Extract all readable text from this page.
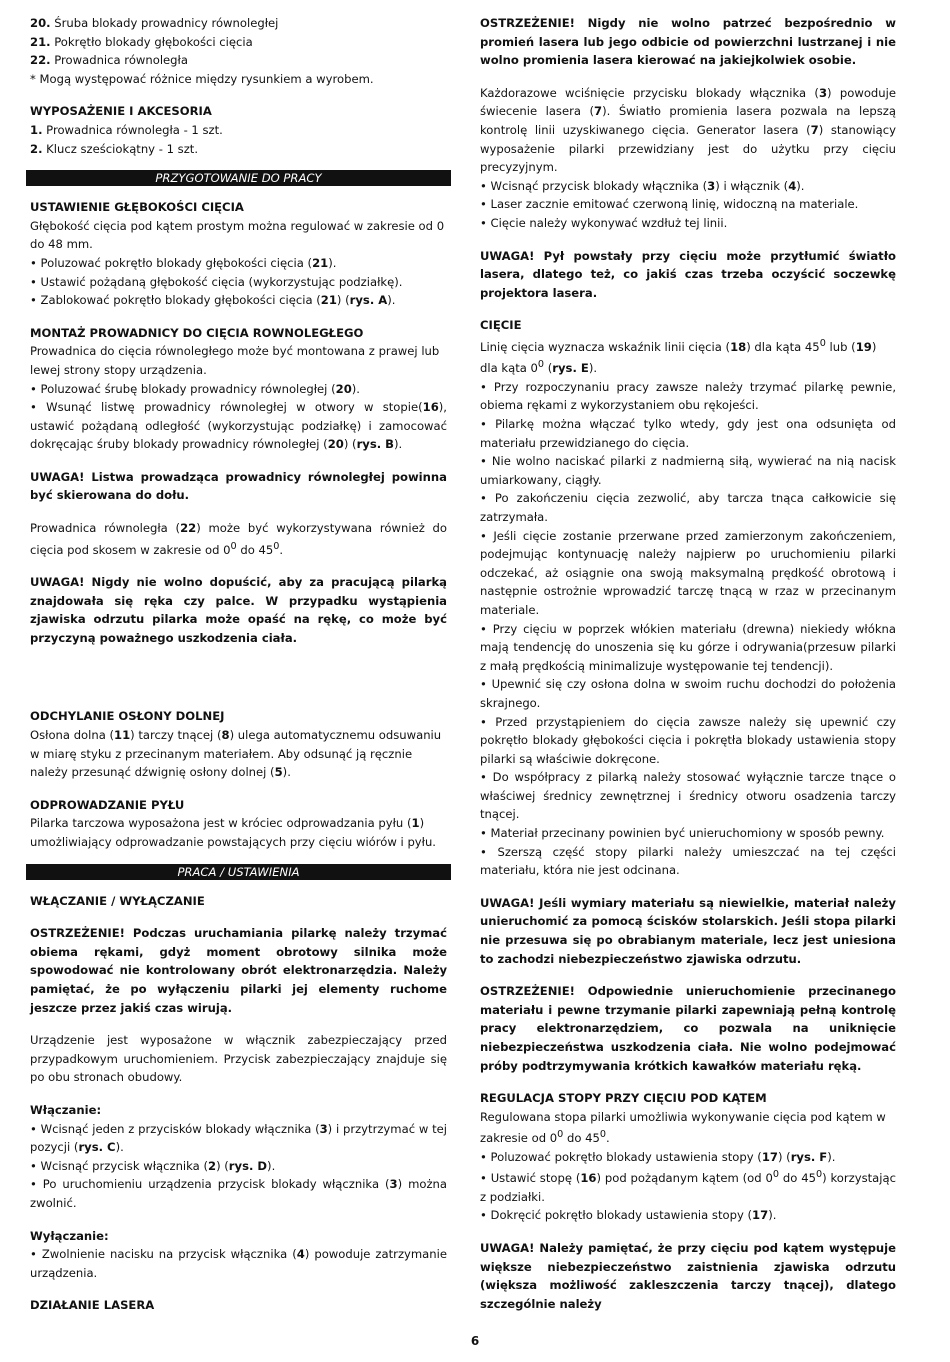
20. Śruba blokady prowadnicy równoległej

21. Pokrętło blokady głębokości cięcia

22. Prowadnica równoległa

* Mogą występować różnice między rysunkiem a wyrobem.

WYPOSAŻENIE I AKCESORIA

1. Prowadnica równoległa - 1 szt.

2. Klucz sześciokątny - 1 szt.

PRZYGOTOWANIE DO PRACY

USTAWIENIE GŁĘBOKOŚCI CIĘCIA

Głębokość cięcia pod kątem prostym można regulować w zakresie od 0 do 48 mm.

• Poluzować pokrętło blokady głębokości cięcia (21).

• Ustawić pożądaną głębokość cięcia (wykorzystując podziałkę).

• Zablokować pokrętło blokady głębokości cięcia (21) (rys. A).

MONTAŻ PROWADNICY DO CIĘCIA ROWNOLEGŁEGO

Prowadnica do cięcia równoległego może być montowana z prawej lub lewej strony stopy urządzenia.

• Poluzować śrubę blokady prowadnicy równoległej (20).

• Wsunąć listwę prowadnicy równoległej w otwory w stopie(16), ustawić pożądaną odległość (wykorzystując podziałkę) i zamocować dokręcając śruby blokady prowadnicy równoległej (20) (rys. B).

UWAGA! Listwa prowadząca prowadnicy równoległej powinna być skierowana do dołu.

Prowadnica równoległa (22) może być wykorzystywana również do cięcia pod skosem w zakresie od $0^0$ do $45^0$.

UWAGA! Nigdy nie wolno dopuścić, aby za pracującą pilarką znajdowała się ręka czy palce. W przypadku wystąpienia zjawiska odrzutu pilarka może opaść na rękę, co może być przyczyną poważnego uszkodzenia ciała.

ODCHYLANIE OSŁONY DOLNEJ

Osłona dolna (11) tarczy tnącej (8) ulega automatycznemu odsuwaniu w miarę styku z przecinanym materiałem. Aby odsunąć ją ręcznie należy przesunąć dźwignię osłony dolnej (5).

ODPROWADZANIE PYŁU

Pilarka tarczowa wyposażona jest w króciec odprowadzania pyłu (1) umożliwiający odprowadzanie powstających przy cięciu wiórów i pyłu.

PRACA / USTAWIENIA

WŁĄCZANIE / WYŁĄCZANIE

OSTRZEŻENIE! Podczas uruchamiania pilarkę należy trzymać obiema rękami, gdyż moment obrotowy silnika może spowodować nie kontrolowany obrót elektronarzędzia. Należy pamiętać, że po wyłączeniu pilarki jej elementy ruchome jeszcze przez jakiś czas wirują.

Urządzenie jest wyposażone w włącznik zabezpieczający przed przypadkowym uruchomieniem. Przycisk zabezpieczający znajduje się po obu stronach obudowy.

Włączanie:

• Wcisnąć jeden z przycisków blokady włącznika (3) i przytrzymać w tej pozycji (rys. C).

• Wcisnąć przycisk włącznika (2) (rys. D).

• Po uruchomieniu urządzenia przycisk blokady włącznika (3) można zwolnić.

Wyłączanie:

• Zwolnienie nacisku na przycisk włącznika (4) powoduje zatrzymanie urządzenia.

DZIAŁANIE LASERA

OSTRZEŻENIE! Nigdy nie wolno patrzeć bezpośrednio w promień lasera lub jego odbicie od powierzchni lustrzanej i nie wolno promienia lasera kierować na jakiejkolwiek osobie.

Każdorazowe wciśnięcie przycisku blokady włącznika (3) powoduje świecenie lasera (7). Światło promienia lasera pozwala na lepszą kontrolę linii uzyskiwanego cięcia. Generator lasera (7) stanowiący wyposażenie pilarki przewidziany jest do użytku przy cięciu precyzyjnym.

• Wcisnąć przycisk blokady włącznika (3) i włącznik (4).

• Laser zacznie emitować czerwoną linię, widoczną na materiale.

• Cięcie należy wykonywać wzdłuż tej linii.

UWAGA! Pył powstały przy cięciu może przytłumić światło lasera, dlatego też, co jakiś czas trzeba oczyścić soczewkę projektora lasera.

CIĘCIE

Linię cięcia wyznacza wskaźnik linii cięcia (18) dla kąta $45^0$ lub (19) dla kąta $0^0$ (rys. E).

• Przy rozpoczynaniu pracy zawsze należy trzymać pilarkę pewnie, obiema rękami z wykorzystaniem obu rękojeści.

• Pilarkę można włączać tylko wtedy, gdy jest ona odsunięta od materiału przewidzianego do cięcia.

• Nie wolno naciskać pilarki z nadmierną siłą, wywierać na nią nacisk umiarkowany, ciągły.

• Po zakończeniu cięcia zezwolić, aby tarcza tnąca całkowicie się zatrzymała.

• Jeśli cięcie zostanie przerwane przed zamierzonym zakończeniem, podejmując kontynuację należy najpierw po uruchomieniu pilarki odczekać, aż osiągnie ona swoją maksymalną prędkość obrotową i następnie ostrożnie wprowadzić tarczę tnącą w rzaz w przecinanym materiale.

• Przy cięciu w poprzek włókien materiału (drewna) niekiedy włókna mają tendencję do unoszenia się ku górze i odrywania(przesuw pilarki z małą prędkością minimalizuje występowanie tej tendencji).

• Upewnić się czy osłona dolna w swoim ruchu dochodzi do położenia skrajnego.

• Przed przystąpieniem do cięcia zawsze należy się upewnić czy pokrętło blokady głębokości cięcia i pokrętła blokady ustawienia stopy pilarki są właściwie dokręcone.

• Do współpracy z pilarką należy stosować wyłącznie tarcze tnące o właściwej średnicy zewnętrznej i średnicy otworu osadzenia tarczy tnącej.

• Materiał przecinany powinien być unieruchomiony w sposób pewny.

• Szerszą część stopy pilarki należy umieszczać na tej części materiału, która nie jest odcinana.

UWAGA! Jeśli wymiary materiału są niewielkie, materiał należy unieruchomić za pomocą ścisków stolarskich. Jeśli stopa pilarki nie przesuwa się po obrabianym materiale, lecz jest uniesiona to zachodzi niebezpieczeństwo zjawiska odrzutu.

OSTRZEŻENIE! Odpowiednie unieruchomienie przecinanego materiału i pewne trzymanie pilarki zapewniają pełną kontrolę pracy elektronarzędziem, co pozwala na uniknięcie niebezpieczeństwa uszkodzenia ciała. Nie wolno podejmować próby podtrzymywania krótkich kawałków materiału ręką.

REGULACJA STOPY PRZY CIĘCIU POD KĄTEM

Regulowana stopa pilarki umożliwia wykonywanie cięcia pod kątem w zakresie od $0^0$ do $45^0$.

• Poluzować pokrętło blokady ustawienia stopy (17) (rys. F).

• Ustawić stopę (16) pod pożądanym kątem (od $0^0$ do $45^0$) korzystając z podziałki.

• Dokręcić pokrętło blokady ustawienia stopy (17).

UWAGA! Należy pamiętać, że przy cięciu pod kątem występuje większe niebezpieczeństwo zaistnienia zjawiska odrzutu (większa możliwość zakleszczenia tarczy tnącej), dlatego szczególnie należy

6
